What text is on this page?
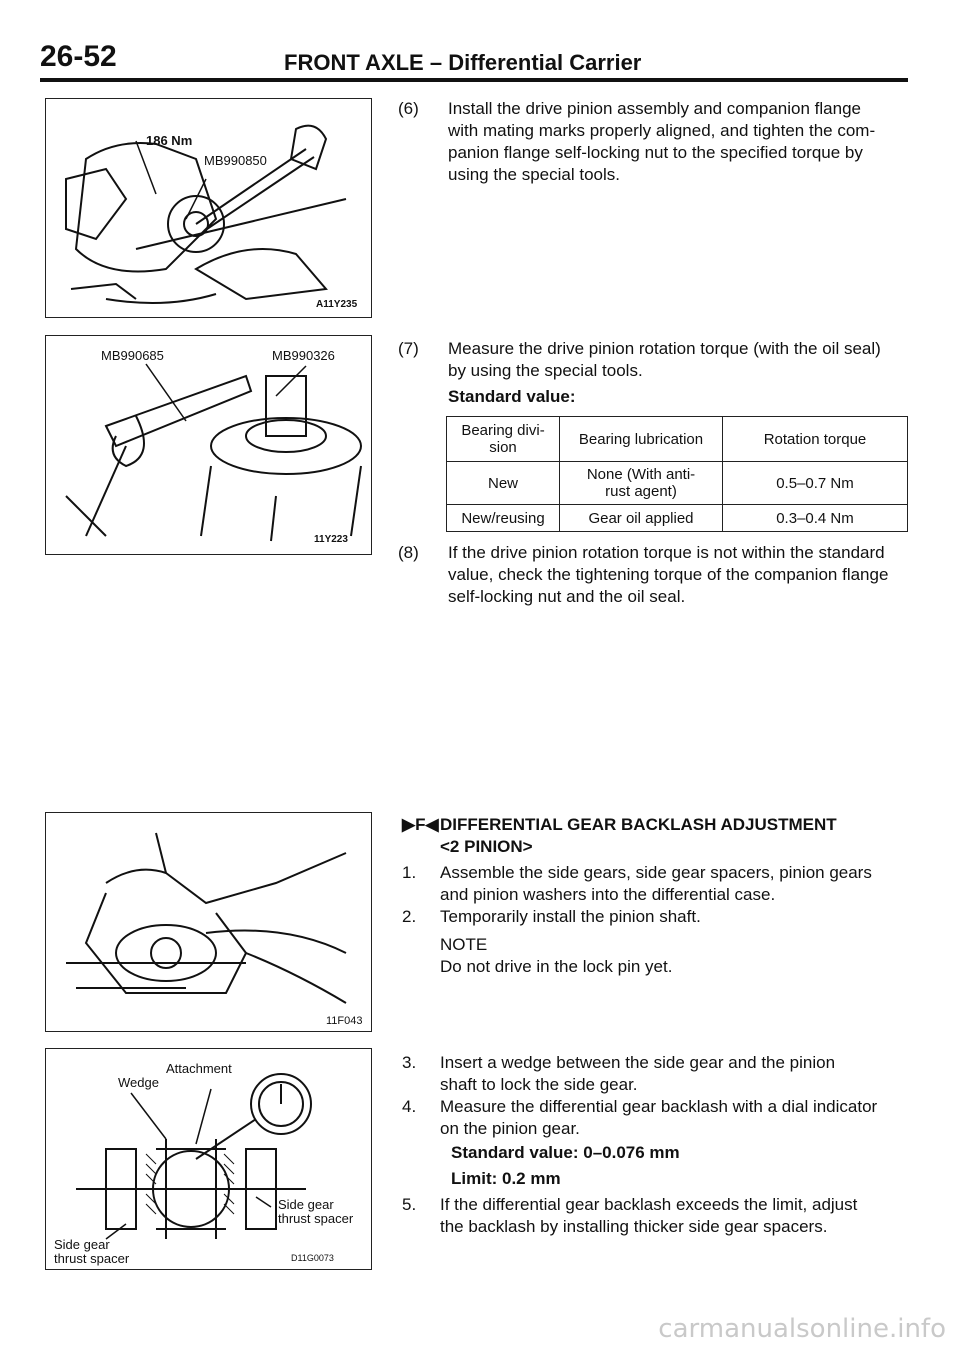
26-52	FRONT AXLE – Differential Carrier
186 Nm
MB990850
A11Y235
MB990685	MB990326
11Y223
11F043
Attachment
Wedge
Side gear
thrust spacer
Side gear
thrust spacer	D11G0073
(6) Install the drive pinion assembly and companion flange
with mating marks properly aligned, and tighten the com-
panion flange self-locking nut to the specified torque by
using the special tools.
(7) Measure the drive pinion rotation torque (with the oil seal)
by using the special tools.
Standard value:
Bearing divi-
sion	Bearing lubrication	Rotation torque
New	None (With anti-
rust agent)	0.5–0.7 Nm
New/reusing	Gear oil applied	0.3–0.4 Nm
(8) If the drive pinion rotation torque is not within the standard
value, check the tightening torque of the companion flange
self-locking nut and the oil seal.
▶F◀ DIFFERENTIAL GEAR BACKLASH ADJUSTMENT
<2 PINION>
1. Assemble the side gears, side gear spacers, pinion gears
and pinion washers into the differential case.
2. Temporarily install the pinion shaft.
NOTE
Do not drive in the lock pin yet.
3. Insert a wedge between the side gear and the pinion
shaft to lock the side gear.
4. Measure the differential gear backlash with a dial indicator
on the pinion gear.
Standard value: 0–0.076 mm
Limit: 0.2 mm
5. If the differential gear backlash exceeds the limit, adjust
the backlash by installing thicker side gear spacers.
carmanualsonline.info
